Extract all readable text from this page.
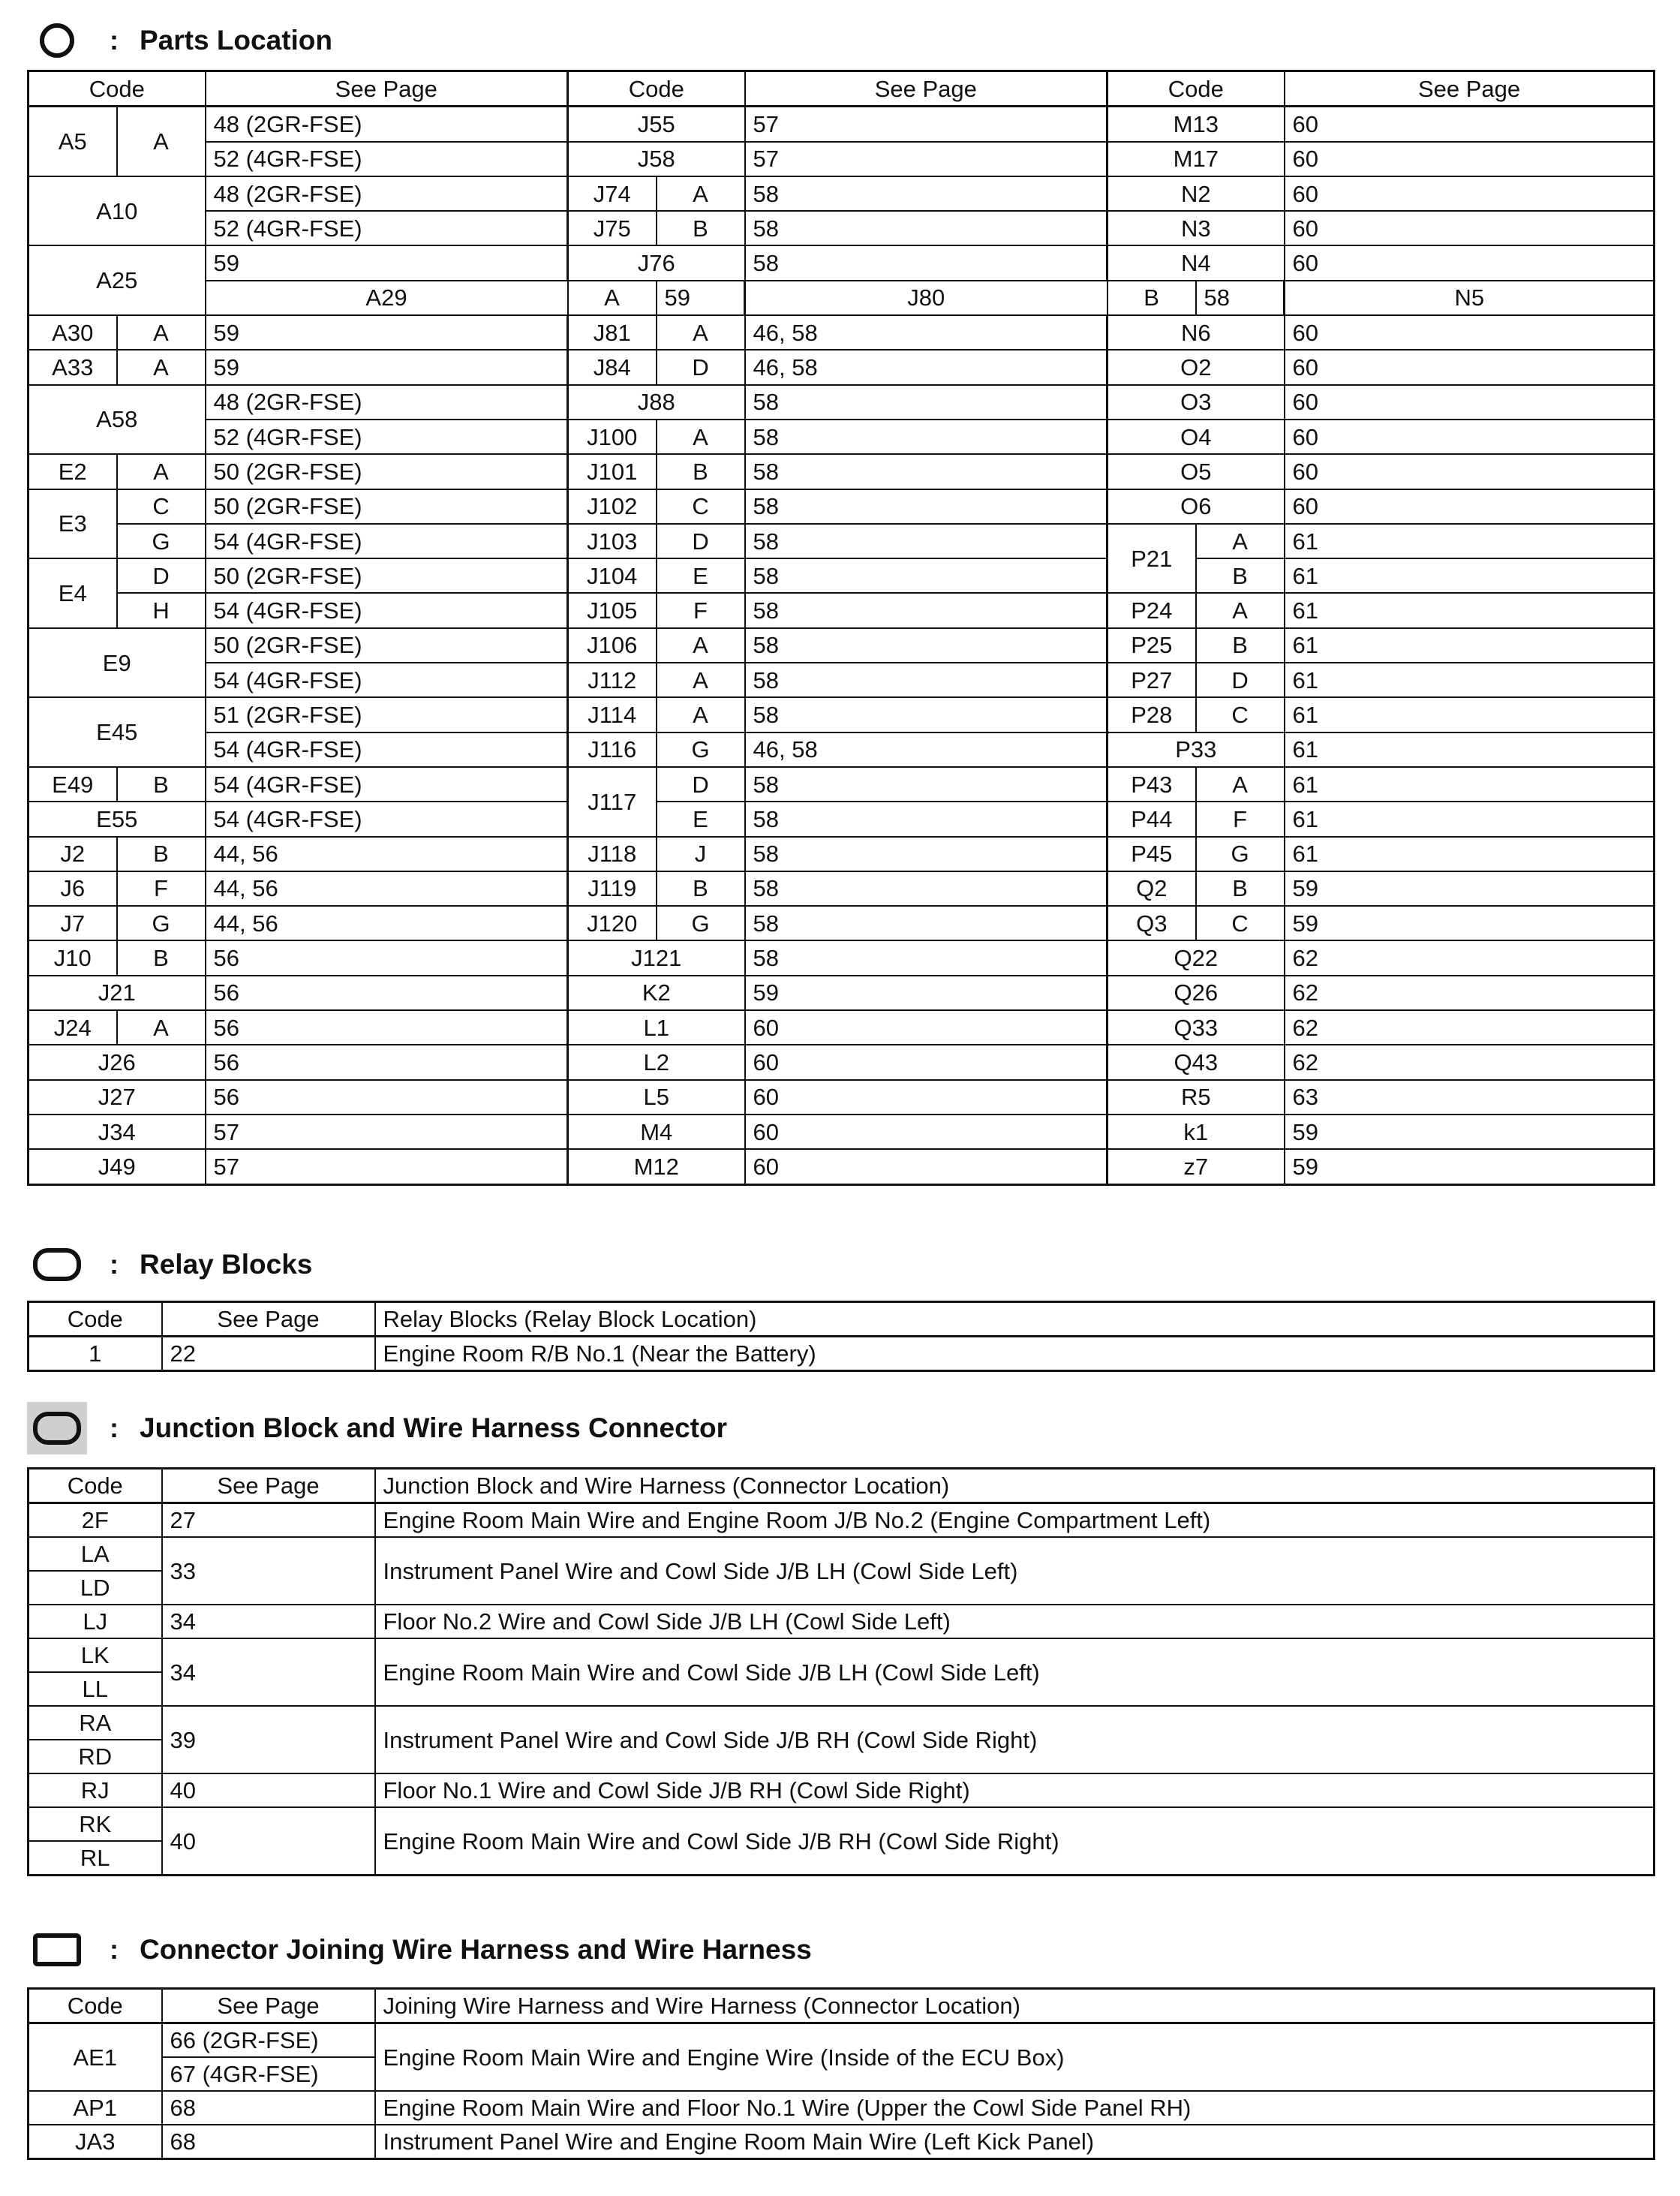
: Parts Location
Code		See Page	Code		See Page	Code		See Page	
A5	A	48 (2GR-FSE)	J55		57	M13		60	
		52 (4GR-FSE)	J58		57	M17		60	
A10		48 (2GR-FSE)	J74	A	58	N2		60	
		52 (4GR-FSE)	J75	B	58	N3		60	
A25		59	J76		58	N4		60	
		A29	A	59	J80	B	58	N5	
A30	A	59	J81	A	46, 58	N6		60	
A33	A	59	J84	D	46, 58	O2		60	
A58		48 (2GR-FSE)	J88		58	O3		60	
		52 (4GR-FSE)	J100	A	58	O4		60	
E2	A	50 (2GR-FSE)	J101	B	58	O5		60	
E3	C	50 (2GR-FSE)	J102	C	58	O6		60	
	G	54 (4GR-FSE)	J103	D	58	P21	A	61	
E4	D	50 (2GR-FSE)	J104	E	58		B	61	
	H	54 (4GR-FSE)	J105	F	58	P24	A	61	
E9		50 (2GR-FSE)	J106	A	58	P25	B	61	
		54 (4GR-FSE)	J112	A	58	P27	D	61	
E45		51 (2GR-FSE)	J114	A	58	P28	C	61	
		54 (4GR-FSE)	J116	G	46, 58	P33		61	
E49	B	54 (4GR-FSE)	J117	D	58	P43	A	61	
E55		54 (4GR-FSE)		E	58	P44	F	61	
J2	B	44, 56	J118	J	58	P45	G	61	
J6	F	44, 56	J119	B	58	Q2	B	59	
J7	G	44, 56	J120	G	58	Q3	C	59	
J10	B	56	J121		58	Q22		62	
J21		56	K2		59	Q26		62	
J24	A	56	L1		60	Q33		62	
J26		56	L2		60	Q43		62	
J27		56	L5		60	R5		63	
J34		57	M4		60	k1		59	
J49		57	M12		60	z7		59	
: Relay Blocks
Code	See Page	Relay Blocks (Relay Block Location)
1	22	Engine Room R/B No.1 (Near the Battery)
: Junction Block and Wire Harness Connector
Code	See Page	Junction Block and Wire Harness (Connector Location)
2F	27	Engine Room Main Wire and Engine Room J/B No.2 (Engine Compartment Left)
LA	33	Instrument Panel Wire and Cowl Side J/B LH (Cowl Side Left)
LD		
LJ	34	Floor No.2 Wire and Cowl Side J/B LH (Cowl Side Left)
LK	34	Engine Room Main Wire and Cowl Side J/B LH (Cowl Side Left)
LL		
RA	39	Instrument Panel Wire and Cowl Side J/B RH (Cowl Side Right)
RD		
RJ	40	Floor No.1 Wire and Cowl Side J/B RH (Cowl Side Right)
RK	40	Engine Room Main Wire and Cowl Side J/B RH (Cowl Side Right)
RL		
: Connector Joining Wire Harness and Wire Harness
Code	See Page	Joining Wire Harness and Wire Harness (Connector Location)
AE1	66 (2GR-FSE)	Engine Room Main Wire and Engine Wire (Inside of the ECU Box)
	67 (4GR-FSE)	
AP1	68	Engine Room Main Wire and Floor No.1 Wire (Upper the Cowl Side Panel RH)
JA3	68	Instrument Panel Wire and Engine Room Main Wire (Left Kick Panel)
